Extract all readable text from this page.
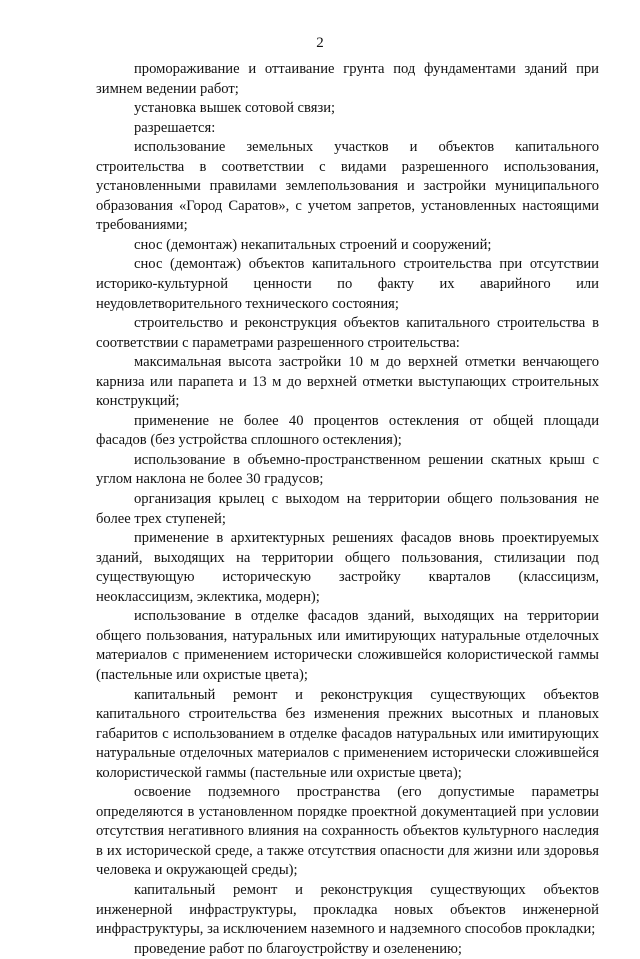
2

промораживание и оттаивание грунта под фундаментами зданий при зимнем ведении работ;

установка вышек сотовой связи;

разрешается:

использование земельных участков и объектов капитального строительства в соответствии с видами разрешенного использования, установленными правилами землепользования и застройки муниципального образования «Город Саратов», с учетом запретов, установленных настоящими требованиями;

снос (демонтаж) некапитальных строений и сооружений;

снос (демонтаж) объектов капитального строительства при отсутствии историко-культурной ценности по факту их аварийного или неудовлетворительного технического состояния;

строительство и реконструкция объектов капитального строительства в соответствии с параметрами разрешенного строительства:

максимальная высота застройки 10 м до верхней отметки венчающего карниза или парапета и 13 м до верхней отметки выступающих строительных конструкций;

применение не более 40 процентов остекления от общей площади фасадов (без устройства сплошного остекления);

использование в объемно-пространственном решении скатных крыш с углом наклона не более 30 градусов;

организация крылец с выходом на территории общего пользования не более трех ступеней;

применение в архитектурных решениях фасадов вновь проектируемых зданий, выходящих на территории общего пользования, стилизации под существующую историческую застройку кварталов (классицизм, неоклассицизм, эклектика, модерн);

использование в отделке фасадов зданий, выходящих на территории общего пользования, натуральных или имитирующих натуральные отделочных материалов с применением исторически сложившейся колористической гаммы (пастельные или охристые цвета);

капитальный ремонт и реконструкция существующих объектов капитального строительства без изменения прежних высотных и плановых габаритов с использованием в отделке фасадов натуральных или имитирующих натуральные отделочных материалов с применением исторически сложившейся колористической гаммы (пастельные или охристые цвета);

освоение подземного пространства (его допустимые параметры определяются в установленном порядке проектной документацией при условии отсутствия негативного влияния на сохранность объектов культурного наследия в их исторической среде, а также отсутствия опасности для жизни или здоровья человека и окружающей среды);

капитальный ремонт и реконструкция существующих объектов инженерной инфраструктуры, прокладка новых объектов инженерной инфраструктуры, за исключением наземного и надземного способов прокладки;

проведение работ по благоустройству и озеленению;
